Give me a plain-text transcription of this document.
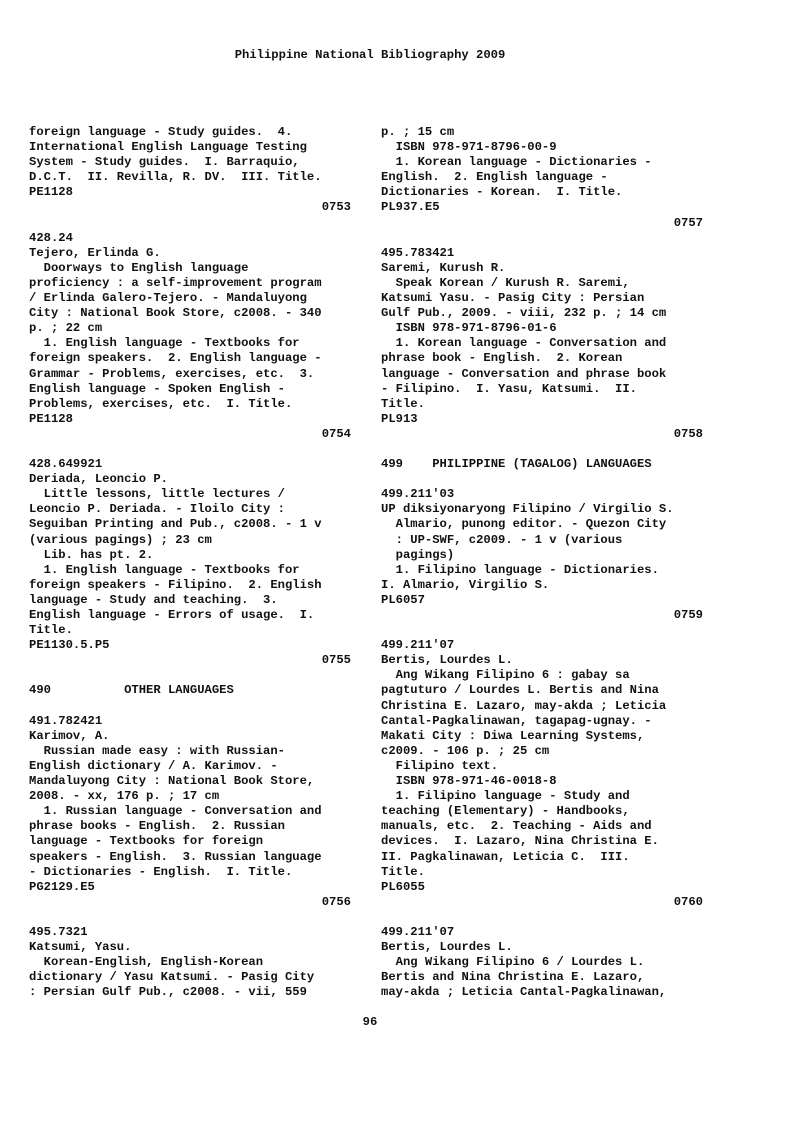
Philippine National Bibliography 2009
foreign language - Study guides.  4.
International English Language Testing
System - Study guides.  I. Barraquio,
D.C.T.  II. Revilla, R. DV.  III. Title.
PE1128
0753
428.24
Tejero, Erlinda G.
Doorways to English language
proficiency : a self-improvement program
/ Erlinda Galero-Tejero. - Mandaluyong
City : National Book Store, c2008. - 340
p. ; 22 cm
1. English language - Textbooks for
foreign speakers.  2. English language -
Grammar - Problems, exercises, etc.  3.
English language - Spoken English -
Problems, exercises, etc.  I. Title.
PE1128
0754
428.649921
Deriada, Leoncio P.
Little lessons, little lectures /
Leoncio P. Deriada. - Iloilo City :
Seguiban Printing and Pub., c2008. - 1 v
(various pagings) ; 23 cm
Lib. has pt. 2.
1. English language - Textbooks for
foreign speakers - Filipino.  2. English
language - Study and teaching.  3.
English language - Errors of usage.  I.
Title.
PE1130.5.P5
0755
490          OTHER LANGUAGES
491.782421
Karimov, A.
Russian made easy : with Russian-
English dictionary / A. Karimov. -
Mandaluyong City : National Book Store,
2008. - xx, 176 p. ; 17 cm
1. Russian language - Conversation and
phrase books - English.  2. Russian
language - Textbooks for foreign
speakers - English.  3. Russian language
- Dictionaries - English.  I. Title.
PG2129.E5
0756
495.7321
Katsumi, Yasu.
Korean-English, English-Korean
dictionary / Yasu Katsumi. - Pasig City
: Persian Gulf Pub., c2008. - vii, 559
p. ; 15 cm
ISBN 978-971-8796-00-9
1. Korean language - Dictionaries -
English.  2. English language -
Dictionaries - Korean.  I. Title.
PL937.E5
0757
495.783421
Saremi, Kurush R.
Speak Korean / Kurush R. Saremi,
Katsumi Yasu. - Pasig City : Persian
Gulf Pub., 2009. - viii, 232 p. ; 14 cm
ISBN 978-971-8796-01-6
1. Korean language - Conversation and
phrase book - English.  2. Korean
language - Conversation and phrase book
- Filipino.  I. Yasu, Katsumi.  II.
Title.
PL913
0758
499    PHILIPPINE (TAGALOG) LANGUAGES
499.211'03
UP diksiyonaryong Filipino / Virgilio S.
Almario, punong editor. - Quezon City
: UP-SWF, c2009. - 1 v (various
pagings)
1. Filipino language - Dictionaries.
I. Almario, Virgilio S.
PL6057
0759
499.211'07
Bertis, Lourdes L.
Ang Wikang Filipino 6 : gabay sa
pagtuturo / Lourdes L. Bertis and Nina
Christina E. Lazaro, may-akda ; Leticia
Cantal-Pagkalinawan, tagapag-ugnay. -
Makati City : Diwa Learning Systems,
c2009. - 106 p. ; 25 cm
Filipino text.
ISBN 978-971-46-0018-8
1. Filipino language - Study and
teaching (Elementary) - Handbooks,
manuals, etc.  2. Teaching - Aids and
devices.  I. Lazaro, Nina Christina E.
II. Pagkalinawan, Leticia C.  III.
Title.
PL6055
0760
499.211'07
Bertis, Lourdes L.
Ang Wikang Filipino 6 / Lourdes L.
Bertis and Nina Christina E. Lazaro,
may-akda ; Leticia Cantal-Pagkalinawan,
96
